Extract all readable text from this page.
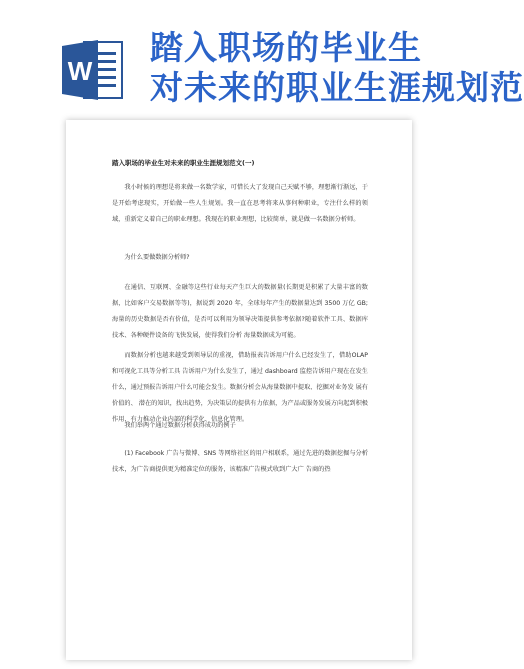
W
踏入职场的毕业生
对未来的职业生涯规划范
踏入职场的毕业生对未来的职业生涯规划范文(一)
我小时候的理想是将来做一名数学家，可惜长大了发现自己天赋不够，理想渐行渐远，于是开始考虑现实，开始做一些人生规划。我一直在思考将来从事何种职业，专注什么样的领域，重新定义着自己的职业理想。我现在的职业理想，比较简单，就是做一名数据分析师。
为什么要做数据分析师?
在通信、互联网、金融等这些行业每天产生巨大的数据量(长期更是积累了大量丰富的数据，比如客户交易数据等等)，据说到 2020 年，全球每年产生的数据量达到 3500 万亿 GB;海量的历史数据是否有价值，是否可以利用为领导决策提供参考依据?随着软件工具、数据库技术、各种硬件设备的飞快发展，使得我们分析 海量数据成为可能。
而数据分析也越来越受到领导层的重视，借助报表告诉用户什么已经发生了，借助OLAP 和可视化工具等分析工具 告诉用户为什么发生了，通过 dashboard 监控告诉用户现在在发生什么，通过预报告诉用户什么可能会发生。数据分析会从海量数据中提取、挖掘对业务发 展有价值的、 潜在的知识，找出趋势，为决策层的提供有力依据，为产品或服务发展方向起到积极作用，有力推动企业内部的科学化、信息化管理。
我们举两个通过数据分析获得成功的例子
(1) Facebook 广告与微博、SNS 等网络社区的用户相联系，通过先进的数据挖掘与分析技术，为广告商提供更为精准定位的服务，该精准广告模式收到广大广 告商的热
